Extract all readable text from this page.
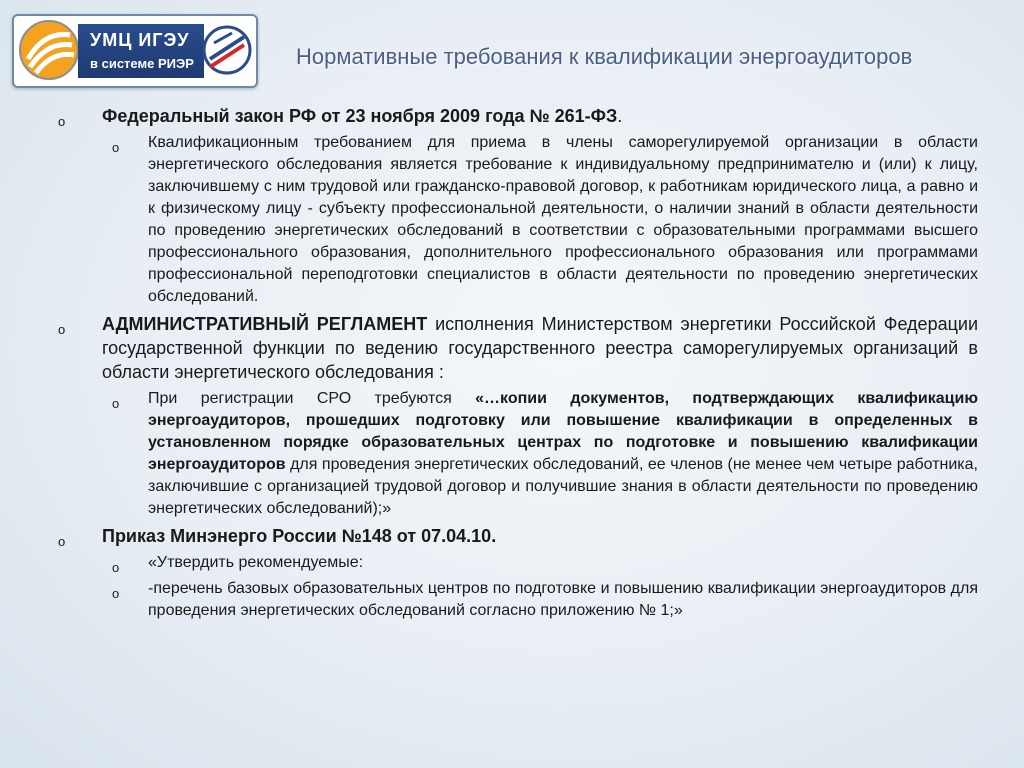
УМЦ ИГЭУ
в системе РИЭР	Нормативные требования к квалификации энергоаудиторов
o Федеральный закон РФ от 23 ноября 2009 года № 261-ФЗ.
o Квалификационным требованием для приема в члены саморегулируемой организации в области энергетического обследования является требование к индивидуальному предпринимателю и (или) к лицу, заключившему с ним трудовой или гражданско-правовой договор, к работникам юридического лица, а равно и к физическому лицу - субъекту профессиональной деятельности, о наличии знаний в области деятельности по проведению энергетических обследований в соответствии с образовательными программами высшего профессионального образования, дополнительного профессионального образования или программами профессиональной переподготовки специалистов в области деятельности по проведению энергетических обследований.
o АДМИНИСТРАТИВНЫЙ РЕГЛАМЕНТ исполнения Министерством энергетики Российской Федерации государственной функции по ведению государственного реестра саморегулируемых организаций в области энергетического обследования :
o При регистрации СРО требуются «…копии документов, подтверждающих квалификацию энергоаудиторов, прошедших подготовку или повышение квалификации в определенных в установленном порядке образовательных центрах по подготовке и повышению квалификации энергоаудиторов для проведения энергетических обследований, ее членов (не менее чем четыре работника, заключившие с организацией трудовой договор и получившие знания в области деятельности по проведению энергетических обследований);»
o Приказ Минэнерго России №148 от 07.04.10.
o «Утвердить рекомендуемые:
o -перечень базовых образовательных центров по подготовке и повышению квалификации энергоаудиторов для проведения энергетических обследований согласно приложению № 1;»
